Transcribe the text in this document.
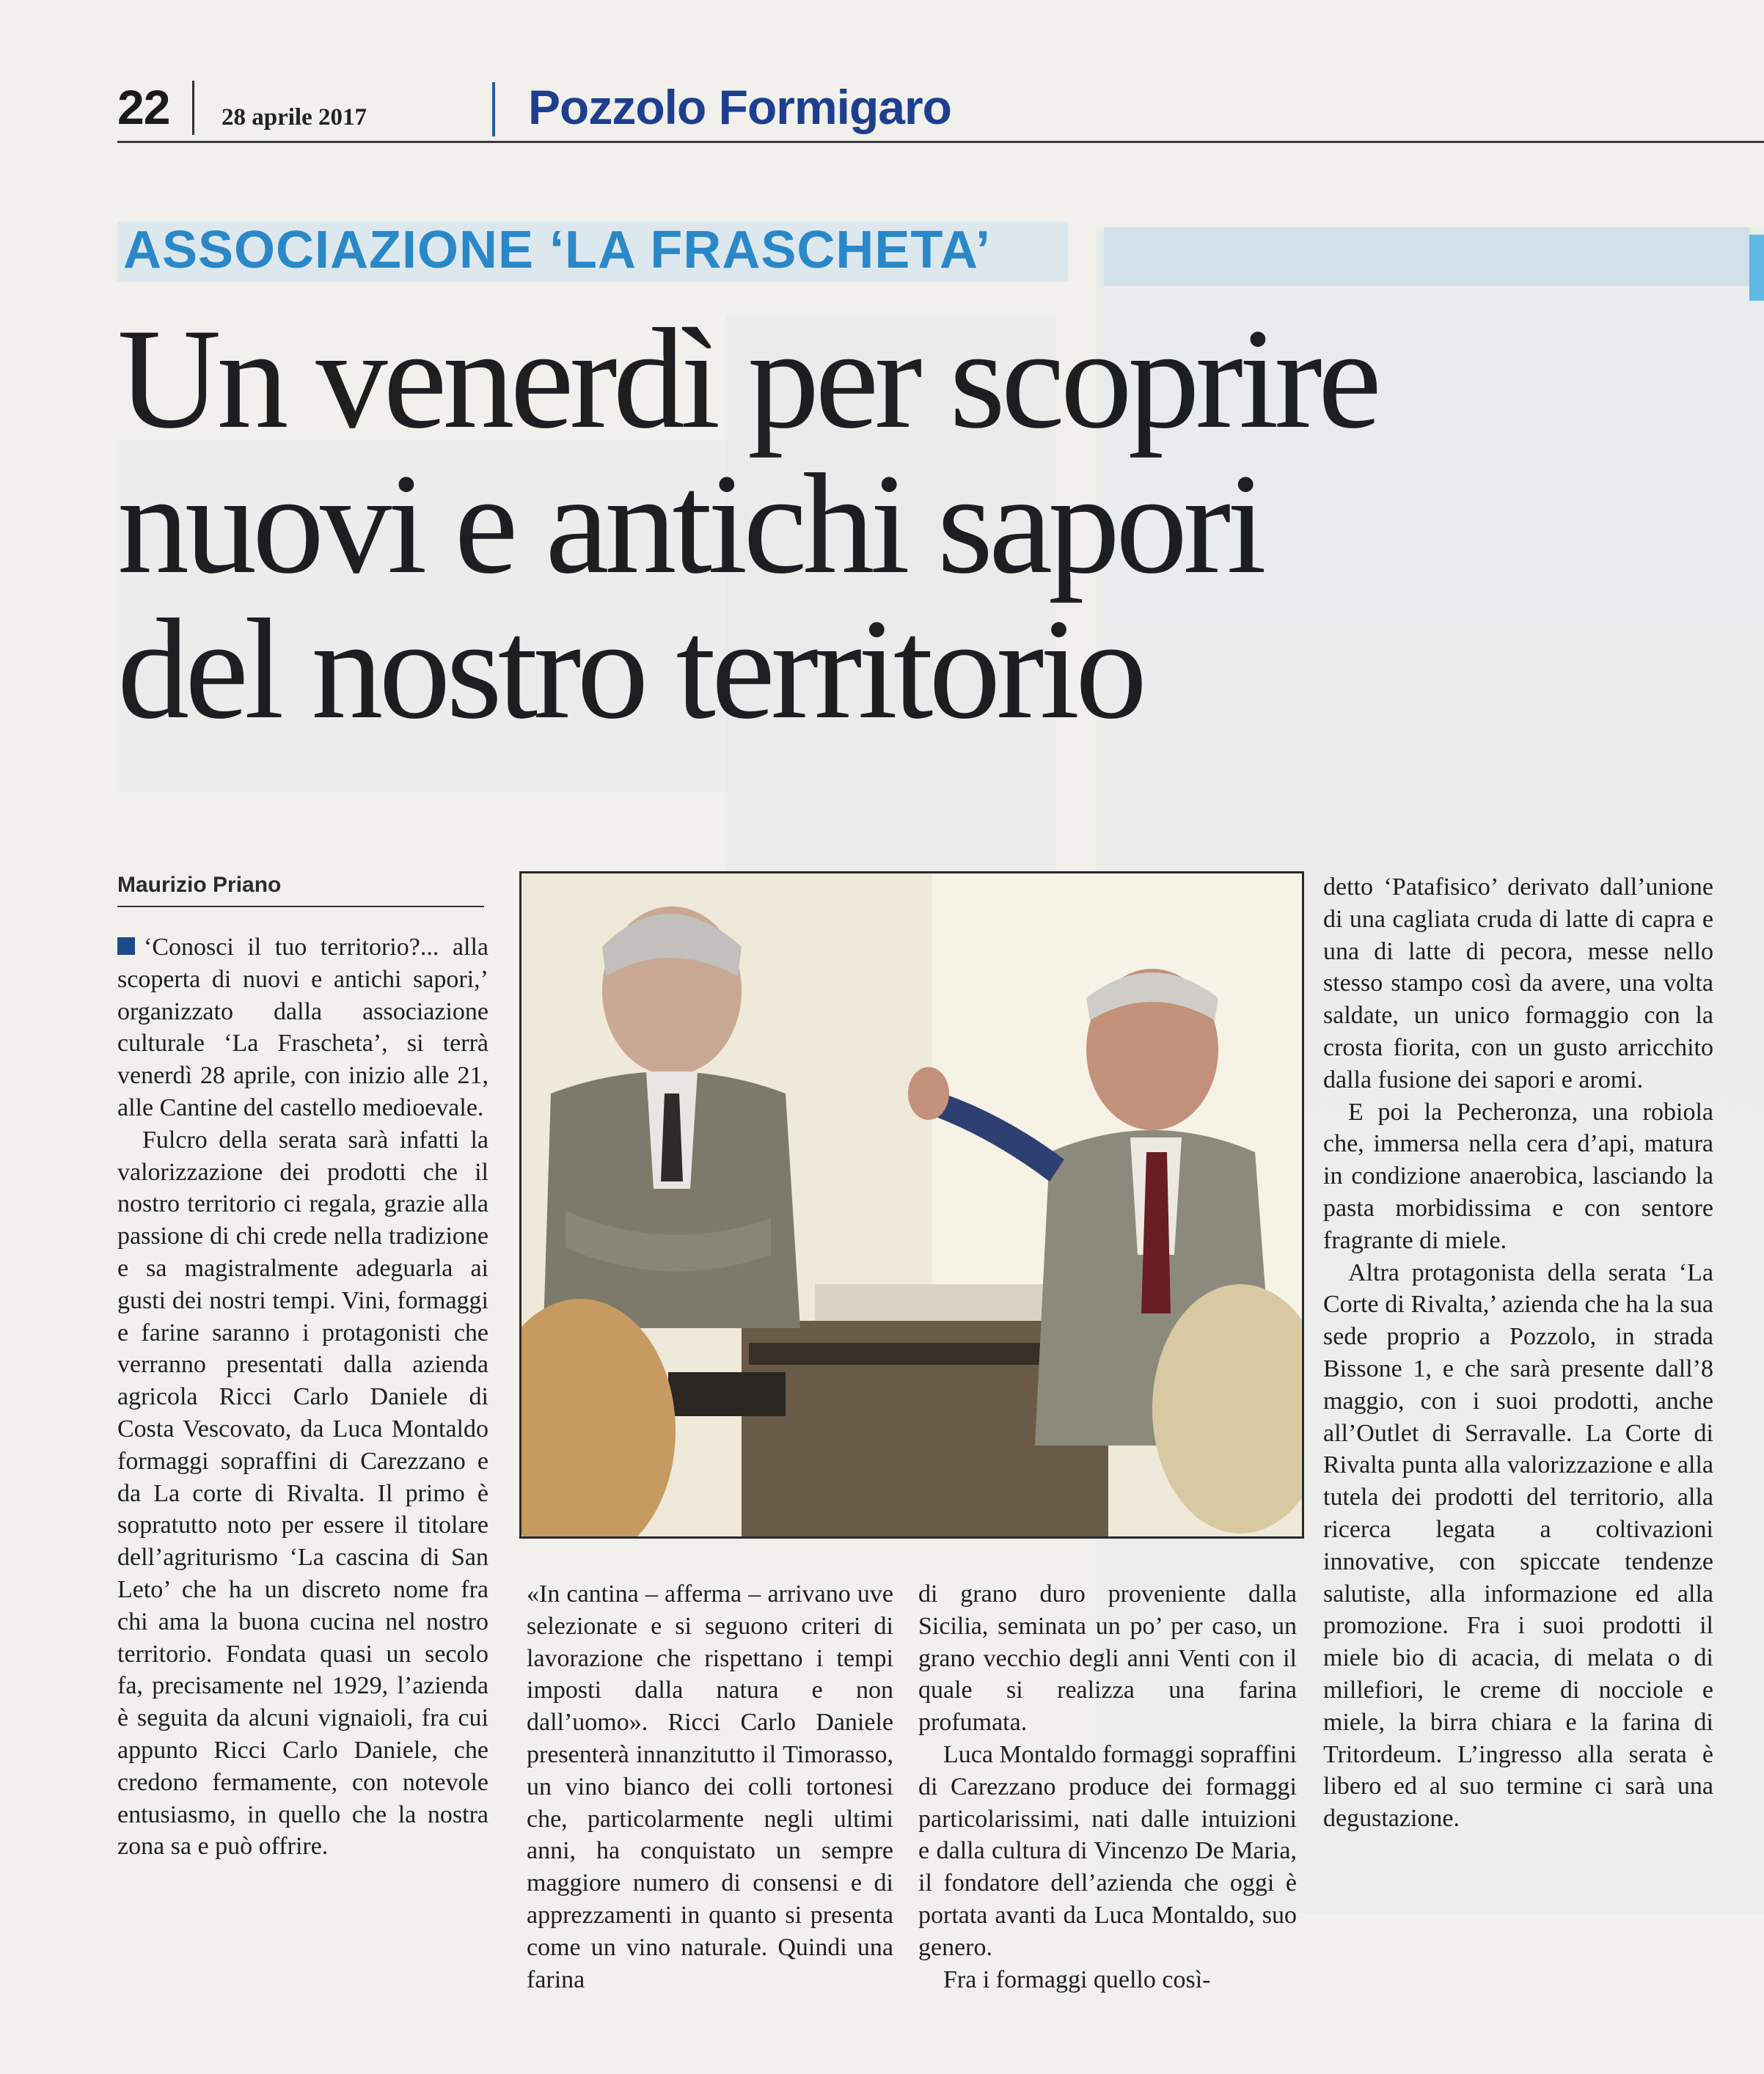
22 28 aprile 2017	Pozzolo Formigaro
ASSOCIAZIONE ‘LA FRASCHETA’
Un venerdì per scoprire
nuovi e antichi sapori
del nostro territorio
Maurizio Priano

‘Conosci il tuo territorio?... alla scoperta di nuovi e antichi sapori,’ organizzato dalla associazione culturale ‘La Frascheta’, si terrà venerdì 28 aprile, con inizio alle 21, alle Cantine del castello medioevale.

Fulcro della serata sarà infatti la valorizzazione dei prodotti che il nostro territorio ci regala, grazie alla passione di chi crede nella tradizione e sa magistralmente adeguarla ai gusti dei nostri tempi. Vini, formaggi e farine saranno i protagonisti che verranno presentati dalla azienda agricola Ricci Carlo Daniele di Costa Vescovato, da Luca Montaldo formaggi sopraffini di Carezzano e da La corte di Rivalta. Il primo è sopratutto noto per essere il titolare dell’agriturismo ‘La cascina di San Leto’ che ha un discreto nome fra chi ama la buona cucina nel nostro territorio. Fondata quasi un secolo fa, precisamente nel 1929, l’azienda è seguita da alcuni vignaioli, fra cui appunto Ricci Carlo Daniele, che credono fermamente, con notevole entusiasmo, in quello che la nostra zona sa e può offrire.

«In cantina – afferma – arrivano uve selezionate e si seguono criteri di lavorazione che rispettano i tempi imposti dalla natura e non dall’uomo». Ricci Carlo Daniele presenterà innanzitutto il Timorasso, un vino bianco dei colli tortonesi che, particolarmente negli ultimi anni, ha conquistato un sempre maggiore numero di consensi e di apprezzamenti in quanto si presenta come un vino naturale. Quindi una farina

di grano duro proveniente dalla Sicilia, seminata un po’ per caso, un grano vecchio degli anni Venti con il quale si realizza una farina profumata.

Luca Montaldo formaggi sopraffini di Carezzano produce dei formaggi particolarissimi, nati dalle intuizioni e dalla cultura di Vincenzo De Maria, il fondatore dell’azienda che oggi è portata avanti da Luca Montaldo, suo genero.

Fra i formaggi quello così-

detto ‘Patafisico’ derivato dall’unione di una cagliata cruda di latte di capra e una di latte di pecora, messe nello stesso stampo così da avere, una volta saldate, un unico formaggio con la crosta fiorita, con un gusto arricchito dalla fusione dei sapori e aromi.

E poi la Pecheronza, una robiola che, immersa nella cera d’api, matura in condizione anaerobica, lasciando la pasta morbidissima e con sentore fragrante di miele.

Altra protagonista della serata ‘La Corte di Rivalta,’ azienda che ha la sua sede proprio a Pozzolo, in strada Bissone 1, e che sarà presente dall’8 maggio, con i suoi prodotti, anche all’Outlet di Serravalle. La Corte di Rivalta punta alla valorizzazione e alla tutela dei prodotti del territorio, alla ricerca legata a coltivazioni innovative, con spiccate tendenze salutiste, alla informazione ed alla promozione. Fra i suoi prodotti il miele bio di acacia, di melata o di millefiori, le creme di nocciole e miele, la birra chiara e la farina di Tritordeum. L’ingresso alla serata è libero ed al suo termine ci sarà una degustazione.
